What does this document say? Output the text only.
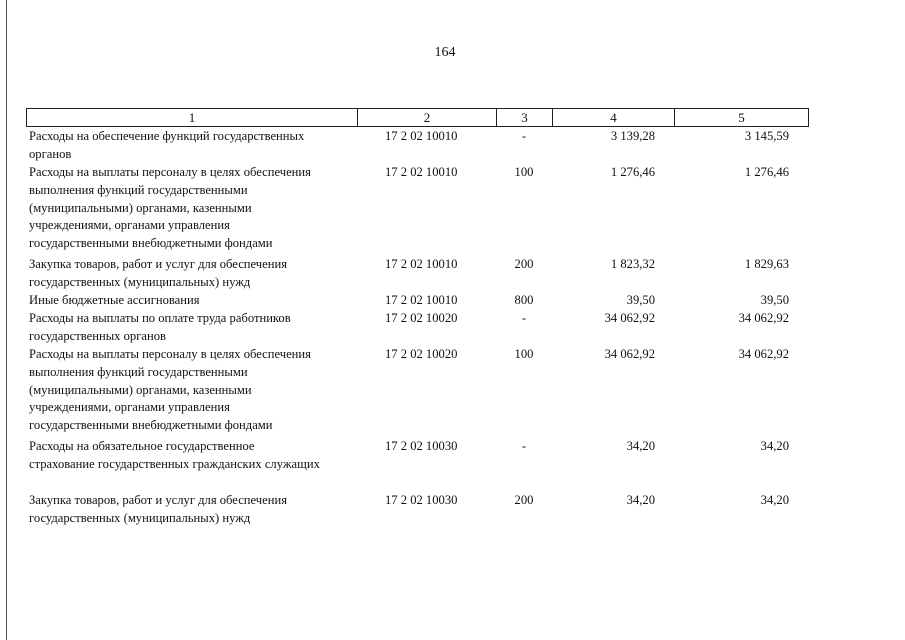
164
1	2	3	4	5
Расходы на обеспечение функций государственных
органов
17 2 02 10010	-	3 139,28	3 145,59
Расходы на выплаты персоналу в целях обеспечения
выполнения функций государственными
(муниципальными) органами, казенными
учреждениями, органами управления
государственными внебюджетными фондами
17 2 02 10010	100	1 276,46	1 276,46
Закупка товаров, работ и услуг для обеспечения
государственных (муниципальных) нужд
17 2 02 10010	200	1 823,32	1 829,63
Иные бюджетные ассигнования	17 2 02 10010	800	39,50	39,50
Расходы на выплаты по оплате труда работников
государственных органов
17 2 02 10020	-	34 062,92	34 062,92
Расходы на выплаты персоналу в целях обеспечения
выполнения функций государственными
(муниципальными) органами, казенными
учреждениями, органами управления
государственными внебюджетными фондами
17 2 02 10020	100	34 062,92	34 062,92
Расходы на обязательное государственное
страхование государственных гражданских служащих
17 2 02 10030	-	34,20	34,20
Закупка товаров, работ и услуг для обеспечения
государственных (муниципальных) нужд
17 2 02 10030	200	34,20	34,20
